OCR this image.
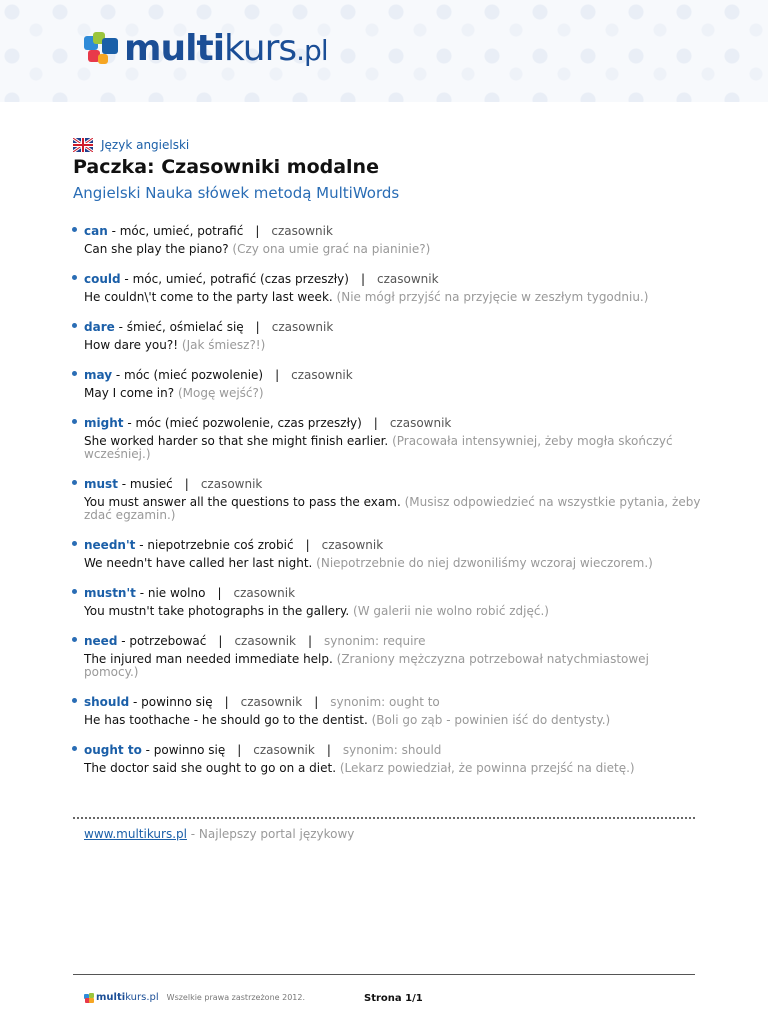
multikurs.pl
Język angielski
Paczka: Czasowniki modalne
Angielski Nauka słówek metodą MultiWords
can - móc, umieć, potrafić | czasownik
Can she play the piano? (Czy ona umie grać na pianinie?)
could - móc, umieć, potrafić (czas przeszły) | czasownik
He couldn\'t come to the party last week. (Nie mógł przyjść na przyjęcie w zeszłym tygodniu.)
dare - śmieć, ośmielać się | czasownik
How dare you?! (Jak śmiesz?!)
may - móc (mieć pozwolenie) | czasownik
May I come in? (Mogę wejść?)
might - móc (mieć pozwolenie, czas przeszły) | czasownik
She worked harder so that she might finish earlier. (Pracowała intensywniej, żeby mogła skończyć wcześniej.)
must - musieć | czasownik
You must answer all the questions to pass the exam. (Musisz odpowiedzieć na wszystkie pytania, żeby zdać egzamin.)
needn't - niepotrzebnie coś zrobić | czasownik
We needn't have called her last night. (Niepotrzebnie do niej dzwoniliśmy wczoraj wieczorem.)
mustn't - nie wolno | czasownik
You mustn't take photographs in the gallery. (W galerii nie wolno robić zdjęć.)
need - potrzebować | czasownik | synonim: require
The injured man needed immediate help. (Zraniony mężczyzna potrzebował natychmiastowej pomocy.)
should - powinno się | czasownik | synonim: ought to
He has toothache - he should go to the dentist. (Boli go ząb - powinien iść do dentysty.)
ought to - powinno się | czasownik | synonim: should
The doctor said she ought to go on a diet. (Lekarz powiedział, że powinna przejść na dietę.)
www.multikurs.pl - Najlepszy portal językowy
multikurs.pl Wszelkie prawa zastrzeżone 2012.	Strona 1/1
